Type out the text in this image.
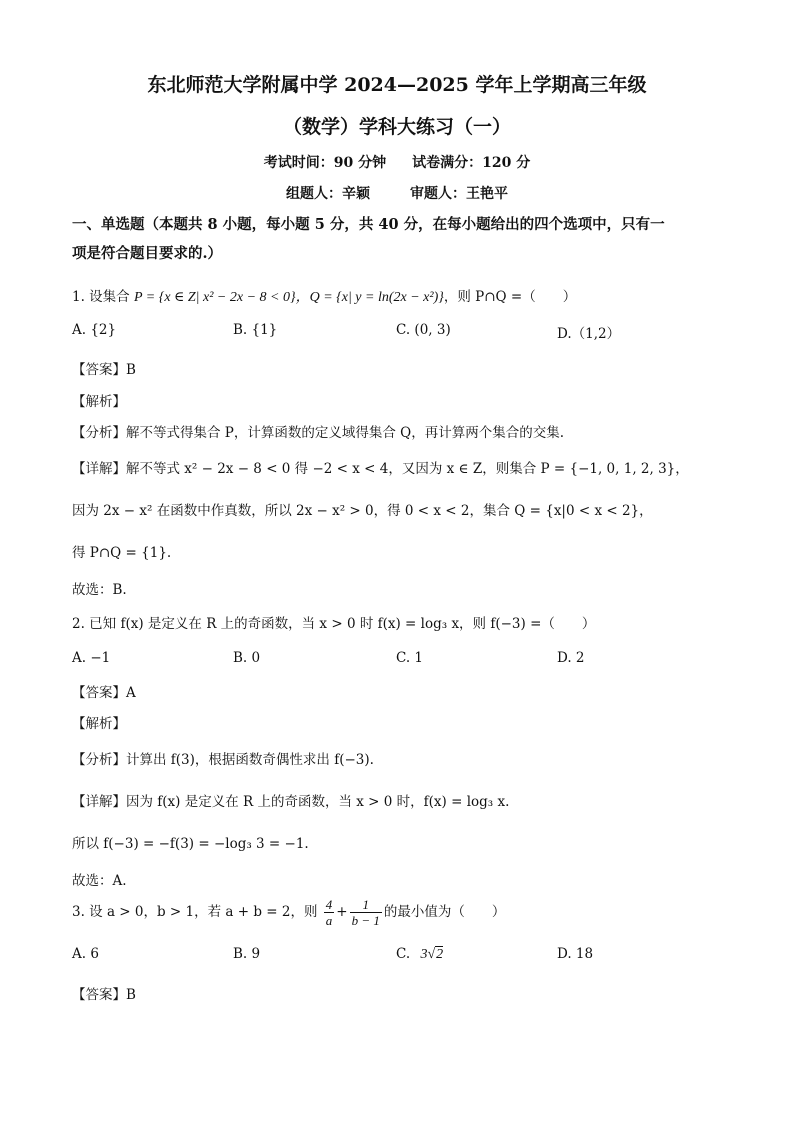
东北师范大学附属中学 2024—2025 学年上学期高三年级
（数学）学科大练习（一）
考试时间：90 分钟 试卷满分：120 分
组题人：辛颖	审题人：王艳平
一、单选题（本题共 8 小题，每小题 5 分，共 40 分，在每小题给出的四个选项中，只有一
项是符合题目要求的.）
1. 设集合 P = {x ∈ Z| x² − 2x − 8 < 0}，Q = {x| y = ln(2x − x²)}，则 P∩Q =（　　）
A. {2}	B. {1}	C. (0, 3)	D.（1,2）
【答案】B
【解析】
【分析】解不等式得集合 P，计算函数的定义域得集合 Q，再计算两个集合的交集.
【详解】解不等式 x² − 2x − 8 < 0 得 −2 < x < 4，又因为 x ∈ Z，则集合 P = {−1, 0, 1, 2, 3}，
因为 2x − x² 在函数中作真数，所以 2x − x² > 0，得 0 < x < 2，集合 Q = {x|0 < x < 2}，
得 P∩Q = {1}.
故选：B.
2. 已知 f(x) 是定义在 R 上的奇函数，当 x > 0 时 f(x) = log₃ x，则 f(−3) =（　　）
A. −1	B. 0	C. 1	D. 2
【答案】A
【解析】
【分析】计算出 f(3)，根据函数奇偶性求出 f(−3).
【详解】因为 f(x) 是定义在 R 上的奇函数，当 x > 0 时，f(x) = log₃ x.
所以 f(−3) = −f(3) = −log₃ 3 = −1.
故选：A.
3. 设 a > 0，b > 1，若 a + b = 2，则 $\frac{4}{a} + \frac{1}{b - 1}$ 的最小值为（　　）
A. 6	B. 9	C. 3√2	D. 18
【答案】B
